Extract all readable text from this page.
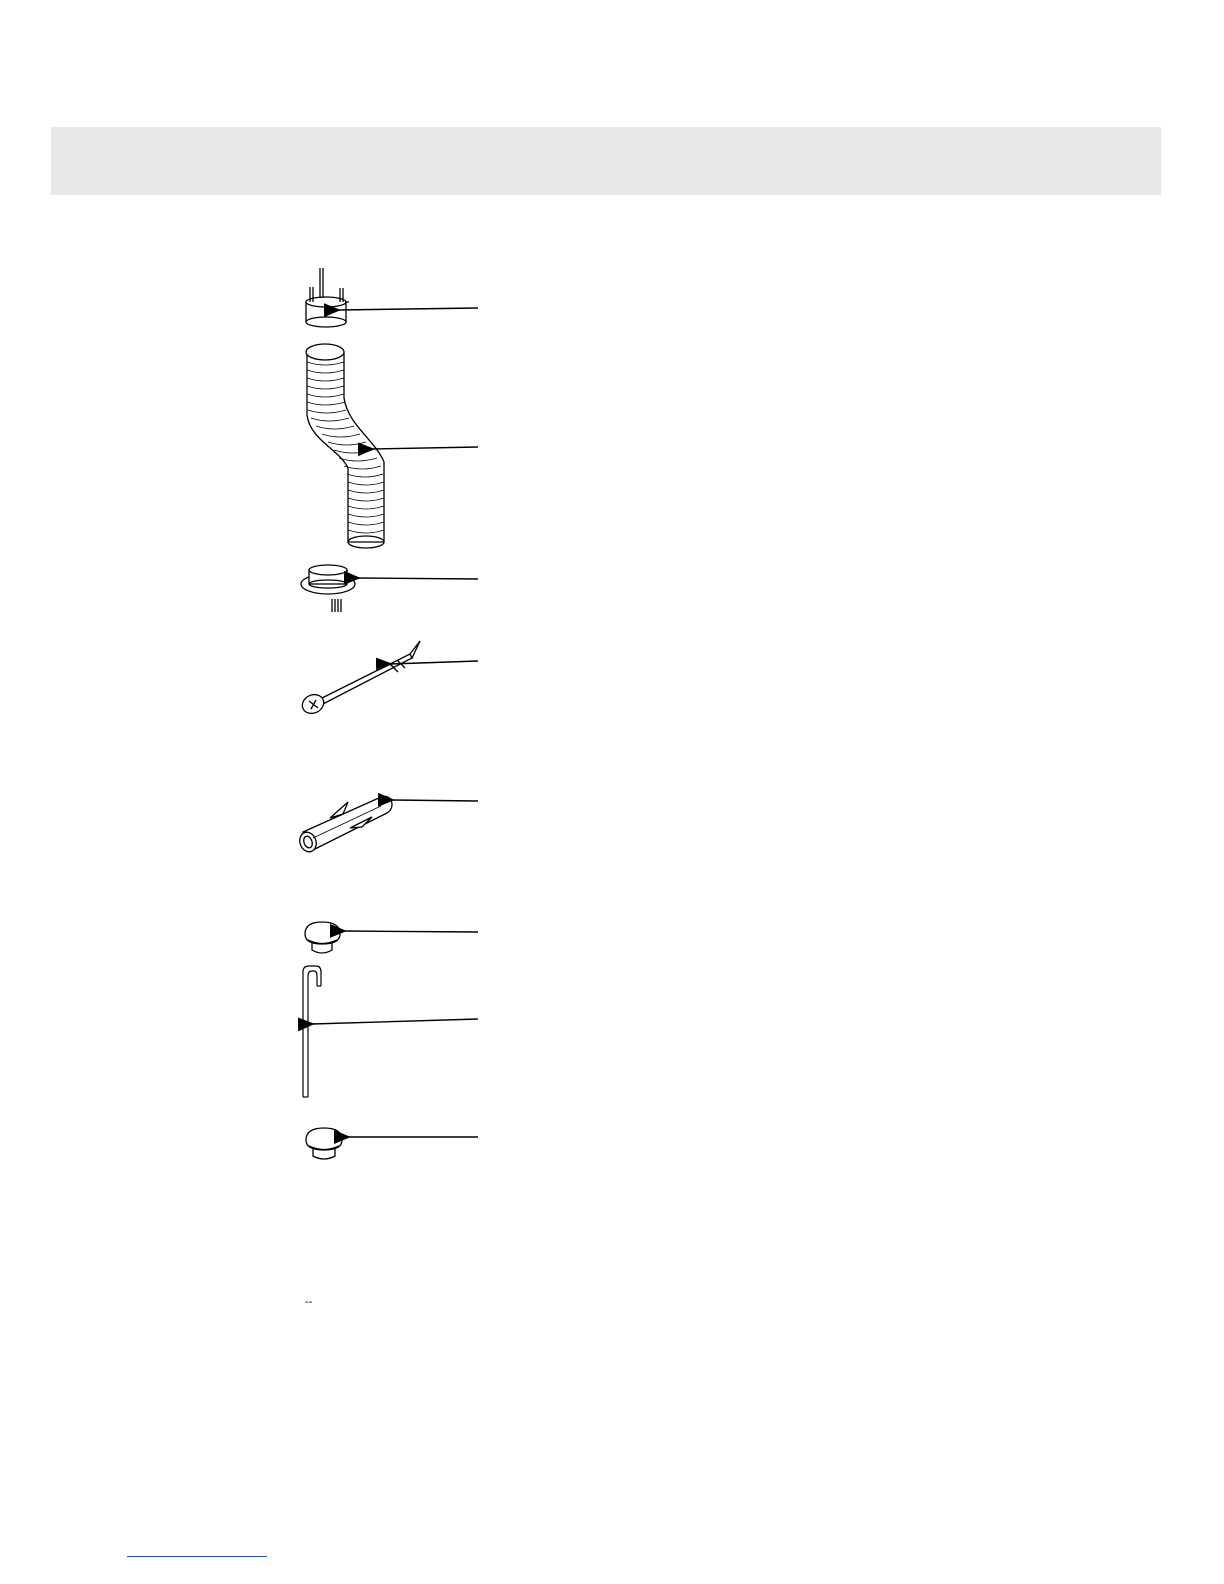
--
